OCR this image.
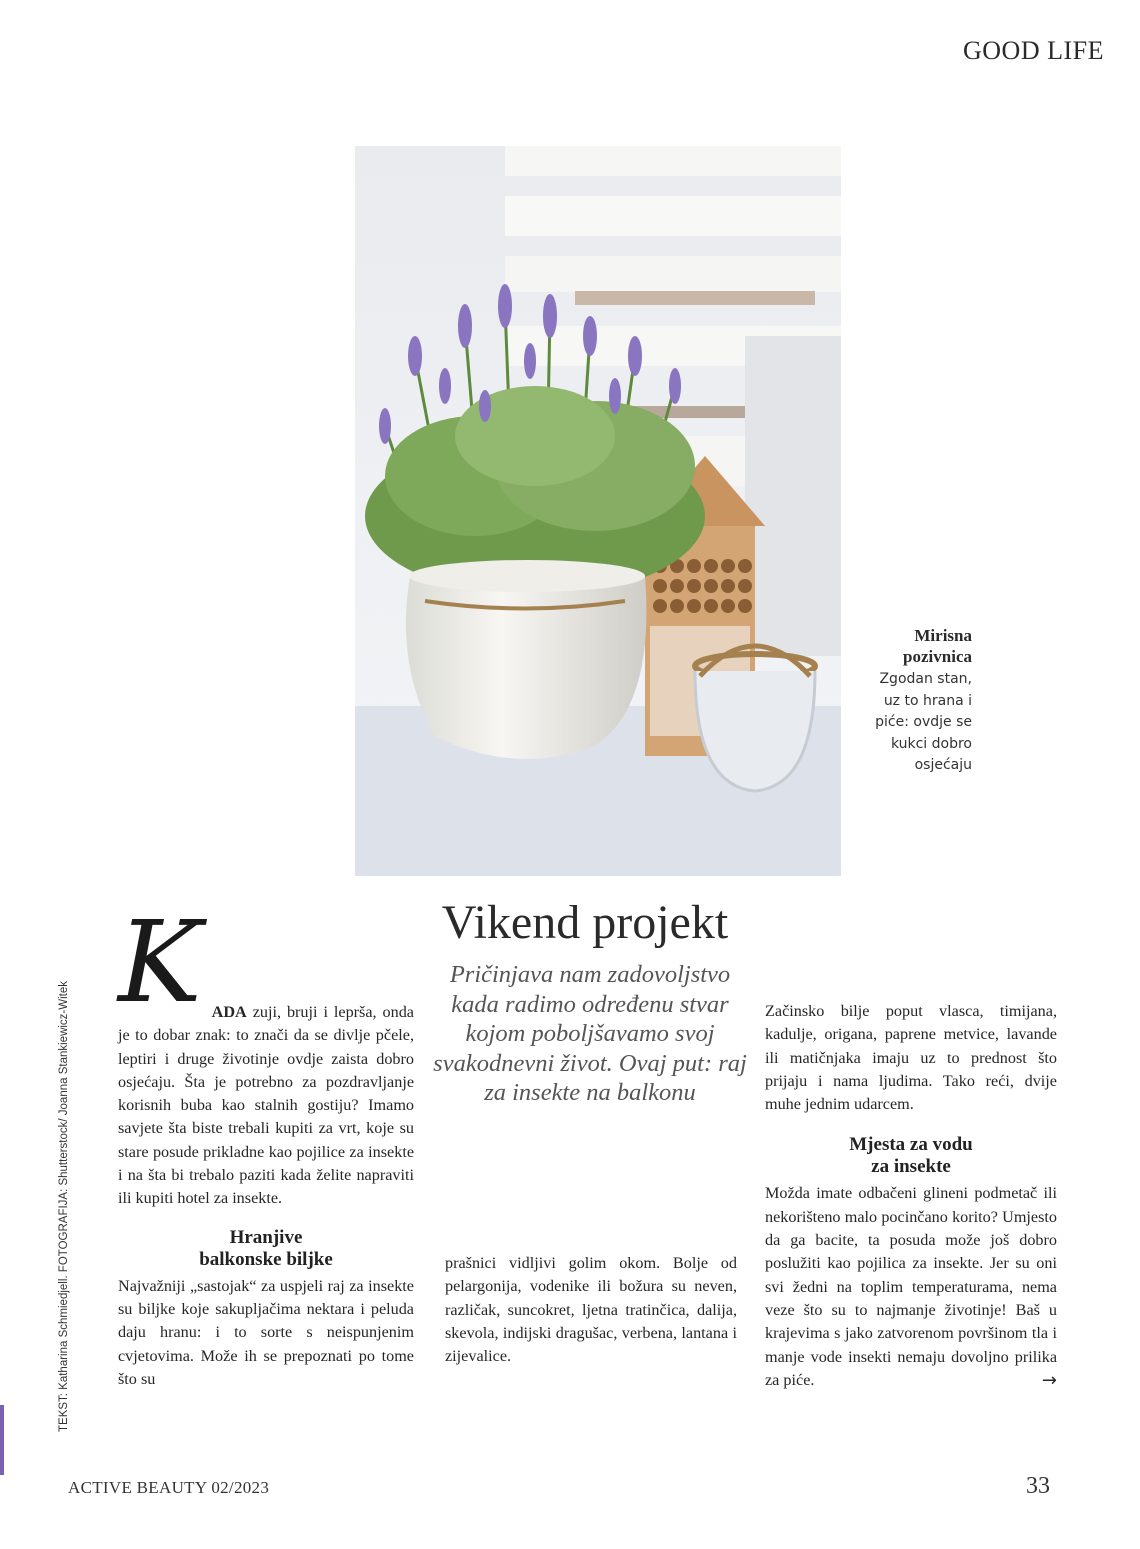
GOOD LIFE
Mirisna
pozivnica
Zgodan stan,
uz to hrana i
piće: ovdje se
kukci dobro
osjećaju
TEKST: Katharina Schmiedjell. FOTOGRAFIJA: Shutterstock/ Joanna Stankiewicz-Witek
Vikend projekt
Pričinjava nam zadovoljstvo kada radimo određenu stvar kojom poboljšavamo svoj svakodnevni život. Ovaj put: raj za insekte na balkonu
K ADA zuji, bruji i leprša, onda je to dobar znak: to znači da se divlje pčele, leptiri i druge životinje ovdje zaista dobro osjećaju. Šta je potrebno za pozdravljanje korisnih buba kao stalnih gostiju? Imamo savjete šta biste trebali kupiti za vrt, koje su stare posude prikladne kao pojilice za insekte i na šta bi trebalo paziti kada želite napraviti ili kupiti hotel za insekte.

Hranjive
balkonske biljke

Najvažniji „sastojak“ za uspjeli raj za insekte su biljke koje sakupljačima nektara i peluda daju hranu: i to sorte s neispunjenim cvjetovima. Može ih se prepoznati po tome što su

prašnici vidljivi golim okom. Bolje od pelargonija, vodenike ili božura su neven, različak, suncokret, ljetna tratinčica, dalija, skevola, indijski dragušac, verbena, lantana i zijevalice.

Začinsko bilje poput vlasca, timijana, kadulje, origana, paprene metvice, lavande ili matičnjaka imaju uz to prednost što prijaju i nama ljudima. Tako reći, dvije muhe jednim udarcem.

Mjesta za vodu
za insekte

Možda imate odbačeni glineni podmetač ili nekorišteno malo pocinčano korito? Umjesto da ga bacite, ta posuda može još dobro poslužiti kao pojilica za insekte. Jer su oni svi žedni na toplim temperaturama, nema veze što su to najmanje životinje! Baš u krajevima s jako zatvorenom površinom tla i manje vode insekti nemaju dovoljno prilika za piće.	→

ACTIVE BEAUTY 02/2023	33
